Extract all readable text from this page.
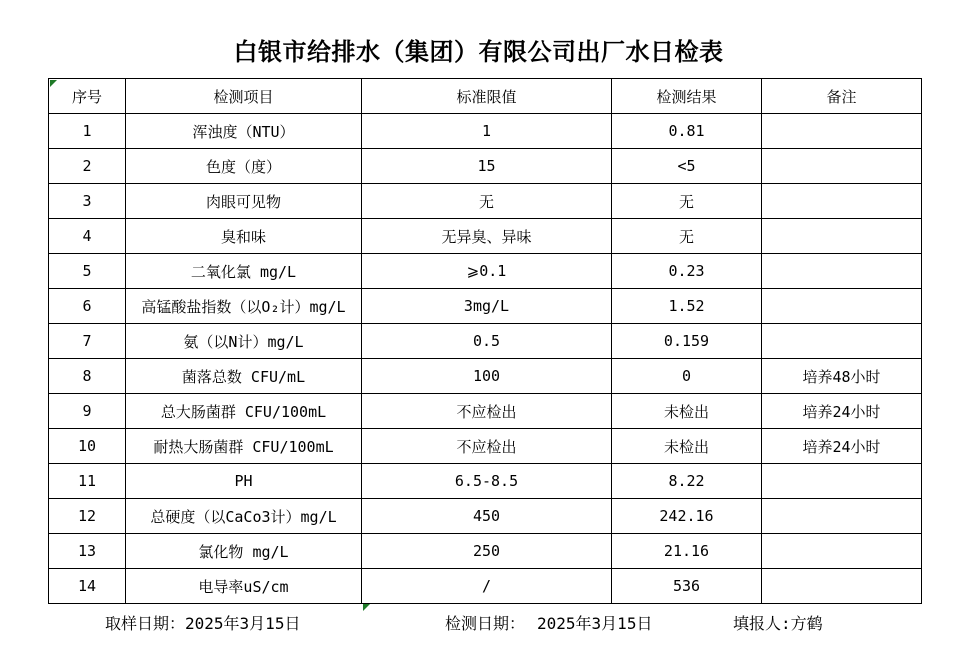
白银市给排水（集团）有限公司出厂水日检表
序号	检测项目	标准限值	检测结果	备注
1	浑浊度（NTU）	1	0.81	
2	色度（度）	15	<5	
3	肉眼可见物	无	无	
4	臭和味	无异臭、异味	无	
5	二氧化氯 mg/L	⩾0.1	0.23	
6	高锰酸盐指数（以O₂计）mg/L	3mg/L	1.52	
7	氨（以N计）mg/L	0.5	0.159	
8	菌落总数 CFU/mL	100	0	培养48小时
9	总大肠菌群 CFU/100mL	不应检出	未检出	培养24小时
10	耐热大肠菌群 CFU/100mL	不应检出	未检出	培养24小时
11	PH	6.5-8.5	8.22	
12	总硬度（以CaCo3计）mg/L	450	242.16	
13	氯化物 mg/L	250	21.16	
14	电导率uS/cm	/	536	
取样日期：2025年3月15日	检测日期： 2025年3月15日	填报人:方鹤
